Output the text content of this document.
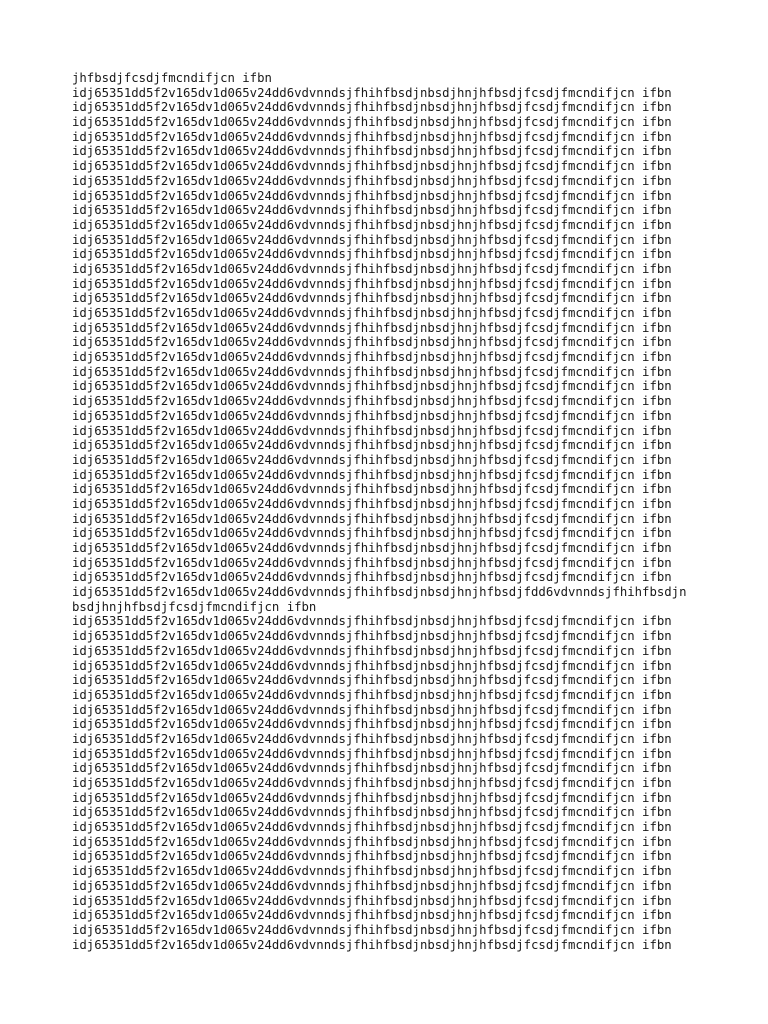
jhfbsdjfcsdjfmcndifjcn ifbn
idj65351dd5f2v165dv1d065v24dd6vdvnndsjfhihfbsdjnbsdjhnjhfbsdjfcsdjfmcndifjcn ifbn
idj65351dd5f2v165dv1d065v24dd6vdvnndsjfhihfbsdjnbsdjhnjhfbsdjfcsdjfmcndifjcn ifbn
idj65351dd5f2v165dv1d065v24dd6vdvnndsjfhihfbsdjnbsdjhnjhfbsdjfcsdjfmcndifjcn ifbn
idj65351dd5f2v165dv1d065v24dd6vdvnndsjfhihfbsdjnbsdjhnjhfbsdjfcsdjfmcndifjcn ifbn
idj65351dd5f2v165dv1d065v24dd6vdvnndsjfhihfbsdjnbsdjhnjhfbsdjfcsdjfmcndifjcn ifbn
idj65351dd5f2v165dv1d065v24dd6vdvnndsjfhihfbsdjnbsdjhnjhfbsdjfcsdjfmcndifjcn ifbn
idj65351dd5f2v165dv1d065v24dd6vdvnndsjfhihfbsdjnbsdjhnjhfbsdjfcsdjfmcndifjcn ifbn
idj65351dd5f2v165dv1d065v24dd6vdvnndsjfhihfbsdjnbsdjhnjhfbsdjfcsdjfmcndifjcn ifbn
idj65351dd5f2v165dv1d065v24dd6vdvnndsjfhihfbsdjnbsdjhnjhfbsdjfcsdjfmcndifjcn ifbn
idj65351dd5f2v165dv1d065v24dd6vdvnndsjfhihfbsdjnbsdjhnjhfbsdjfcsdjfmcndifjcn ifbn
idj65351dd5f2v165dv1d065v24dd6vdvnndsjfhihfbsdjnbsdjhnjhfbsdjfcsdjfmcndifjcn ifbn
idj65351dd5f2v165dv1d065v24dd6vdvnndsjfhihfbsdjnbsdjhnjhfbsdjfcsdjfmcndifjcn ifbn
idj65351dd5f2v165dv1d065v24dd6vdvnndsjfhihfbsdjnbsdjhnjhfbsdjfcsdjfmcndifjcn ifbn
idj65351dd5f2v165dv1d065v24dd6vdvnndsjfhihfbsdjnbsdjhnjhfbsdjfcsdjfmcndifjcn ifbn
idj65351dd5f2v165dv1d065v24dd6vdvnndsjfhihfbsdjnbsdjhnjhfbsdjfcsdjfmcndifjcn ifbn
idj65351dd5f2v165dv1d065v24dd6vdvnndsjfhihfbsdjnbsdjhnjhfbsdjfcsdjfmcndifjcn ifbn
idj65351dd5f2v165dv1d065v24dd6vdvnndsjfhihfbsdjnbsdjhnjhfbsdjfcsdjfmcndifjcn ifbn
idj65351dd5f2v165dv1d065v24dd6vdvnndsjfhihfbsdjnbsdjhnjhfbsdjfcsdjfmcndifjcn ifbn
idj65351dd5f2v165dv1d065v24dd6vdvnndsjfhihfbsdjnbsdjhnjhfbsdjfcsdjfmcndifjcn ifbn
idj65351dd5f2v165dv1d065v24dd6vdvnndsjfhihfbsdjnbsdjhnjhfbsdjfcsdjfmcndifjcn ifbn
idj65351dd5f2v165dv1d065v24dd6vdvnndsjfhihfbsdjnbsdjhnjhfbsdjfcsdjfmcndifjcn ifbn
idj65351dd5f2v165dv1d065v24dd6vdvnndsjfhihfbsdjnbsdjhnjhfbsdjfcsdjfmcndifjcn ifbn
idj65351dd5f2v165dv1d065v24dd6vdvnndsjfhihfbsdjnbsdjhnjhfbsdjfcsdjfmcndifjcn ifbn
idj65351dd5f2v165dv1d065v24dd6vdvnndsjfhihfbsdjnbsdjhnjhfbsdjfcsdjfmcndifjcn ifbn
idj65351dd5f2v165dv1d065v24dd6vdvnndsjfhihfbsdjnbsdjhnjhfbsdjfcsdjfmcndifjcn ifbn
idj65351dd5f2v165dv1d065v24dd6vdvnndsjfhihfbsdjnbsdjhnjhfbsdjfcsdjfmcndifjcn ifbn
idj65351dd5f2v165dv1d065v24dd6vdvnndsjfhihfbsdjnbsdjhnjhfbsdjfcsdjfmcndifjcn ifbn
idj65351dd5f2v165dv1d065v24dd6vdvnndsjfhihfbsdjnbsdjhnjhfbsdjfcsdjfmcndifjcn ifbn
idj65351dd5f2v165dv1d065v24dd6vdvnndsjfhihfbsdjnbsdjhnjhfbsdjfcsdjfmcndifjcn ifbn
idj65351dd5f2v165dv1d065v24dd6vdvnndsjfhihfbsdjnbsdjhnjhfbsdjfcsdjfmcndifjcn ifbn
idj65351dd5f2v165dv1d065v24dd6vdvnndsjfhihfbsdjnbsdjhnjhfbsdjfcsdjfmcndifjcn ifbn
idj65351dd5f2v165dv1d065v24dd6vdvnndsjfhihfbsdjnbsdjhnjhfbsdjfcsdjfmcndifjcn ifbn
idj65351dd5f2v165dv1d065v24dd6vdvnndsjfhihfbsdjnbsdjhnjhfbsdjfcsdjfmcndifjcn ifbn
idj65351dd5f2v165dv1d065v24dd6vdvnndsjfhihfbsdjnbsdjhnjhfbsdjfcsdjfmcndifjcn ifbn
idj65351dd5f2v165dv1d065v24dd6vdvnndsjfhihfbsdjnbsdjhnjhfbsdjfdd6vdvnndsjfhihfbsdjn
bsdjhnjhfbsdjfcsdjfmcndifjcn ifbn
idj65351dd5f2v165dv1d065v24dd6vdvnndsjfhihfbsdjnbsdjhnjhfbsdjfcsdjfmcndifjcn ifbn
idj65351dd5f2v165dv1d065v24dd6vdvnndsjfhihfbsdjnbsdjhnjhfbsdjfcsdjfmcndifjcn ifbn
idj65351dd5f2v165dv1d065v24dd6vdvnndsjfhihfbsdjnbsdjhnjhfbsdjfcsdjfmcndifjcn ifbn
idj65351dd5f2v165dv1d065v24dd6vdvnndsjfhihfbsdjnbsdjhnjhfbsdjfcsdjfmcndifjcn ifbn
idj65351dd5f2v165dv1d065v24dd6vdvnndsjfhihfbsdjnbsdjhnjhfbsdjfcsdjfmcndifjcn ifbn
idj65351dd5f2v165dv1d065v24dd6vdvnndsjfhihfbsdjnbsdjhnjhfbsdjfcsdjfmcndifjcn ifbn
idj65351dd5f2v165dv1d065v24dd6vdvnndsjfhihfbsdjnbsdjhnjhfbsdjfcsdjfmcndifjcn ifbn
idj65351dd5f2v165dv1d065v24dd6vdvnndsjfhihfbsdjnbsdjhnjhfbsdjfcsdjfmcndifjcn ifbn
idj65351dd5f2v165dv1d065v24dd6vdvnndsjfhihfbsdjnbsdjhnjhfbsdjfcsdjfmcndifjcn ifbn
idj65351dd5f2v165dv1d065v24dd6vdvnndsjfhihfbsdjnbsdjhnjhfbsdjfcsdjfmcndifjcn ifbn
idj65351dd5f2v165dv1d065v24dd6vdvnndsjfhihfbsdjnbsdjhnjhfbsdjfcsdjfmcndifjcn ifbn
idj65351dd5f2v165dv1d065v24dd6vdvnndsjfhihfbsdjnbsdjhnjhfbsdjfcsdjfmcndifjcn ifbn
idj65351dd5f2v165dv1d065v24dd6vdvnndsjfhihfbsdjnbsdjhnjhfbsdjfcsdjfmcndifjcn ifbn
idj65351dd5f2v165dv1d065v24dd6vdvnndsjfhihfbsdjnbsdjhnjhfbsdjfcsdjfmcndifjcn ifbn
idj65351dd5f2v165dv1d065v24dd6vdvnndsjfhihfbsdjnbsdjhnjhfbsdjfcsdjfmcndifjcn ifbn
idj65351dd5f2v165dv1d065v24dd6vdvnndsjfhihfbsdjnbsdjhnjhfbsdjfcsdjfmcndifjcn ifbn
idj65351dd5f2v165dv1d065v24dd6vdvnndsjfhihfbsdjnbsdjhnjhfbsdjfcsdjfmcndifjcn ifbn
idj65351dd5f2v165dv1d065v24dd6vdvnndsjfhihfbsdjnbsdjhnjhfbsdjfcsdjfmcndifjcn ifbn
idj65351dd5f2v165dv1d065v24dd6vdvnndsjfhihfbsdjnbsdjhnjhfbsdjfcsdjfmcndifjcn ifbn
idj65351dd5f2v165dv1d065v24dd6vdvnndsjfhihfbsdjnbsdjhnjhfbsdjfcsdjfmcndifjcn ifbn
idj65351dd5f2v165dv1d065v24dd6vdvnndsjfhihfbsdjnbsdjhnjhfbsdjfcsdjfmcndifjcn ifbn
idj65351dd5f2v165dv1d065v24dd6vdvnndsjfhihfbsdjnbsdjhnjhfbsdjfcsdjfmcndifjcn ifbn
idj65351dd5f2v165dv1d065v24dd6vdvnndsjfhihfbsdjnbsdjhnjhfbsdjfcsdjfmcndifjcn ifbn
